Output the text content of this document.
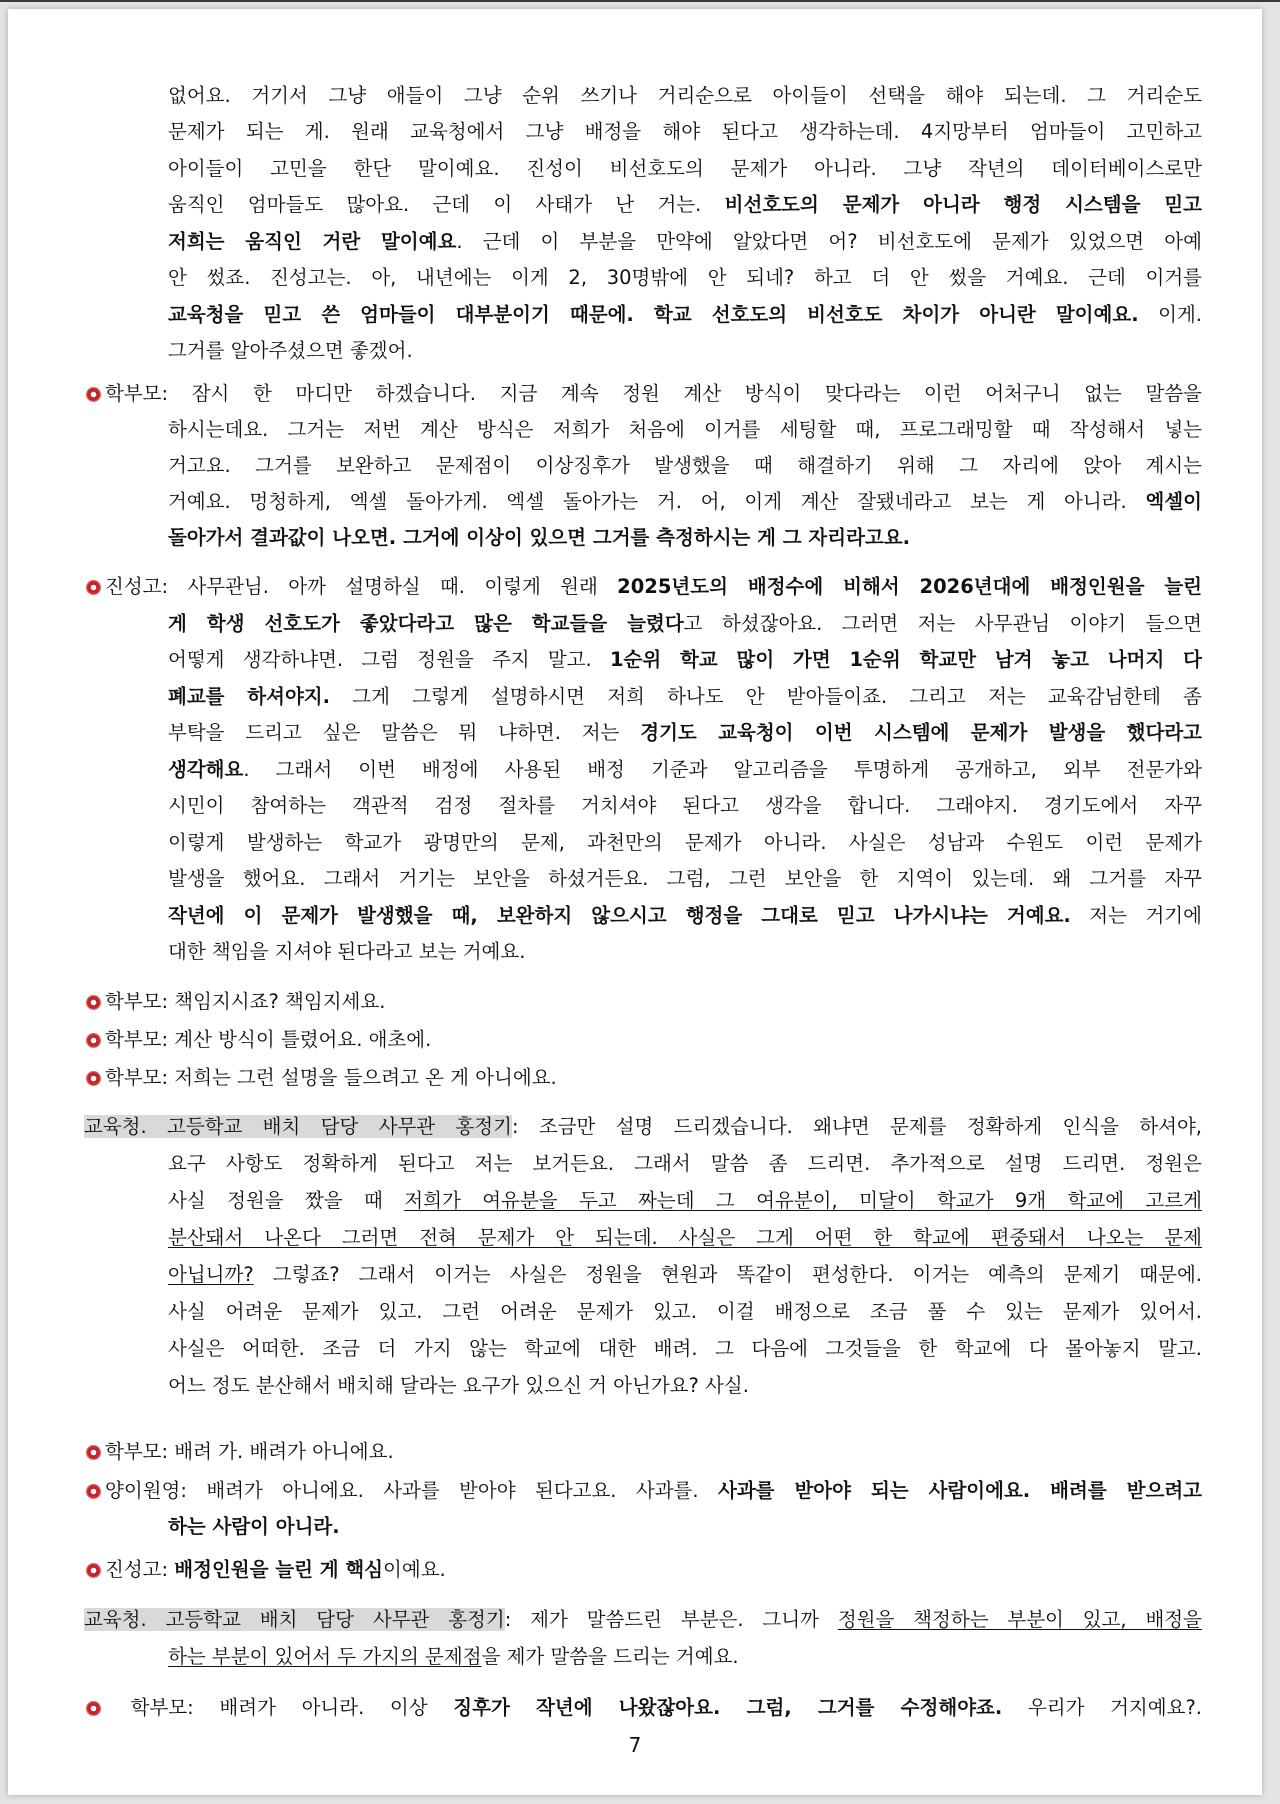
없어요. 거기서 그냥 애들이 그냥 순위 쓰기나 거리순으로 아이들이 선택을 해야 되는데. 그 거리순도
문제가 되는 게. 원래 교육청에서 그냥 배정을 해야 된다고 생각하는데. 4지망부터 엄마들이 고민하고
아이들이 고민을 한단 말이예요. 진성이 비선호도의 문제가 아니라. 그냥 작년의 데이터베이스로만
움직인 엄마들도 많아요. 근데 이 사태가 난 거는. 비선호도의 문제가 아니라 행정 시스템을 믿고
저희는 움직인 거란 말이예요. 근데 이 부분을 만약에 알았다면 어? 비선호도에 문제가 있었으면 아예
안 썼죠. 진성고는. 아, 내년에는 이게 2, 30명밖에 안 되네? 하고 더 안 썼을 거예요. 근데 이거를
교육청을 믿고 쓴 엄마들이 대부분이기 때문에. 학교 선호도의 비선호도 차이가 아니란 말이예요. 이게.
그거를 알아주셨으면 좋겠어.
학부모: 잠시 한 마디만 하겠습니다. 지금 계속 정원 계산 방식이 맞다라는 이런 어처구니 없는 말씀을
하시는데요. 그거는 저번 계산 방식은 저희가 처음에 이거를 세팅할 때, 프로그래밍할 때 작성해서 넣는
거고요. 그거를 보완하고 문제점이 이상징후가 발생했을 때 해결하기 위해 그 자리에 앉아 계시는
거예요. 멍청하게, 엑셀 돌아가게. 엑셀 돌아가는 거. 어, 이게 계산 잘됐네라고 보는 게 아니라. 엑셀이
돌아가서 결과값이 나오면. 그거에 이상이 있으면 그거를 측정하시는 게 그 자리라고요.
진성고: 사무관님. 아까 설명하실 때. 이렇게 원래 2025년도의 배정수에 비해서 2026년대에 배정인원을 늘린
게 학생 선호도가 좋았다라고 많은 학교들을 늘렸다고 하셨잖아요. 그러면 저는 사무관님 이야기 들으면
어떻게 생각하냐면. 그럼 정원을 주지 말고. 1순위 학교 많이 가면 1순위 학교만 남겨 놓고 나머지 다
폐교를 하셔야지. 그게 그렇게 설명하시면 저희 하나도 안 받아들이죠. 그리고 저는 교육감님한테 좀
부탁을 드리고 싶은 말씀은 뭐 냐하면. 저는 경기도 교육청이 이번 시스템에 문제가 발생을 했다라고
생각해요. 그래서 이번 배정에 사용된 배정 기준과 알고리즘을 투명하게 공개하고, 외부 전문가와
시민이 참여하는 객관적 검정 절차를 거치셔야 된다고 생각을 합니다. 그래야지. 경기도에서 자꾸
이렇게 발생하는 학교가 광명만의 문제, 과천만의 문제가 아니라. 사실은 성남과 수원도 이런 문제가
발생을 했어요. 그래서 거기는 보안을 하셨거든요. 그럼, 그런 보안을 한 지역이 있는데. 왜 그거를 자꾸
작년에 이 문제가 발생했을 때, 보완하지 않으시고 행정을 그대로 믿고 나가시냐는 거예요. 저는 거기에
대한 책임을 지셔야 된다라고 보는 거예요.
학부모: 책임지시죠? 책임지세요.
학부모: 계산 방식이 틀렸어요. 애초에.
학부모: 저희는 그런 설명을 들으려고 온 게 아니에요.
교육청. 고등학교 배치 담당 사무관 홍정기: 조금만 설명 드리겠습니다. 왜냐면 문제를 정확하게 인식을 하셔야,
요구 사항도 정확하게 된다고 저는 보거든요. 그래서 말씀 좀 드리면. 추가적으로 설명 드리면. 정원은
사실 정원을 짰을 때 저희가 여유분을 두고 짜는데 그 여유분이, 미달이 학교가 9개 학교에 고르게
분산돼서 나온다 그러면 전혀 문제가 안 되는데. 사실은 그게 어떤 한 학교에 편중돼서 나오는 문제
아닙니까? 그렇죠? 그래서 이거는 사실은 정원을 현원과 똑같이 편성한다. 이거는 예측의 문제기 때문에.
사실 어려운 문제가 있고. 그런 어려운 문제가 있고. 이걸 배정으로 조금 풀 수 있는 문제가 있어서.
사실은 어떠한. 조금 더 가지 않는 학교에 대한 배려. 그 다음에 그것들을 한 학교에 다 몰아놓지 말고.
어느 정도 분산해서 배치해 달라는 요구가 있으신 거 아닌가요? 사실.
학부모: 배려 가. 배려가 아니에요.
양이원영: 배려가 아니에요. 사과를 받아야 된다고요. 사과를. 사과를 받아야 되는 사람이에요. 배려를 받으려고
하는 사람이 아니라.
진성고: 배정인원을 늘린 게 핵심이예요.
교육청. 고등학교 배치 담당 사무관 홍정기: 제가 말씀드린 부분은. 그니까 정원을 책정하는 부분이 있고, 배정을
하는 부분이 있어서 두 가지의 문제점을 제가 말씀을 드리는 거예요.
학부모: 배려가 아니라. 이상 징후가 작년에 나왔잖아요. 그럼, 그거를 수정해야죠. 우리가 거지예요?.
7
